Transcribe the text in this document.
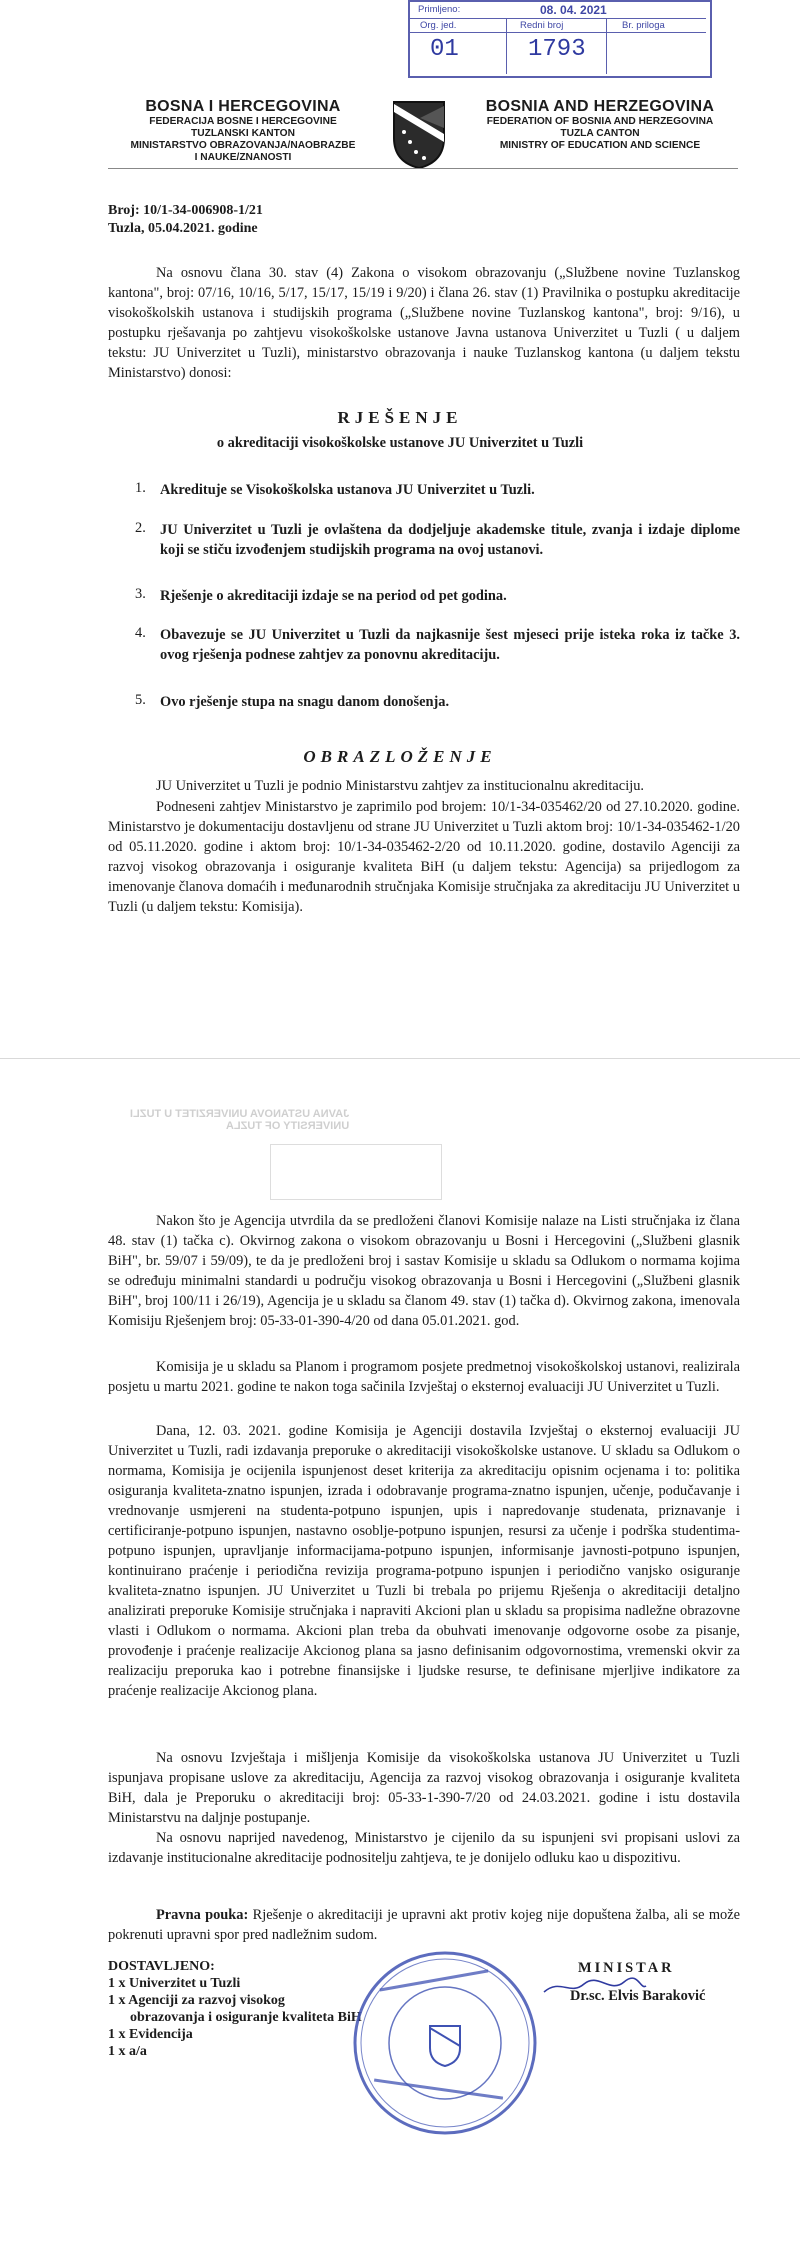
Primljeno:	08. 04. 2021
Org. jed.	Redni broj	Br. priloga
01	1793
BOSNA I HERCEGOVINA
FEDERACIJA BOSNE I HERCEGOVINE
TUZLANSKI KANTON
MINISTARSTVO OBRAZOVANJA/NAOBRAZBE
I NAUKE/ZNANOSTI
BOSNIA AND HERZEGOVINA
FEDERATION OF BOSNIA AND HERZEGOVINA
TUZLA CANTON
MINISTRY OF EDUCATION AND SCIENCE
Broj: 10/1-34-006908-1/21
Tuzla, 05.04.2021. godine
Na osnovu člana 30. stav (4) Zakona o visokom obrazovanju („Službene novine Tuzlanskog kantona", broj: 07/16, 10/16, 5/17, 15/17, 15/19 i 9/20) i člana 26. stav (1) Pravilnika o postupku akreditacije visokoškolskih ustanova i studijskih programa („Službene novine Tuzlanskog kantona", broj: 9/16), u postupku rješavanja po zahtjevu visokoškolske ustanove Javna ustanova Univerzitet u Tuzli ( u daljem tekstu: JU Univerzitet u Tuzli), ministarstvo obrazovanja i nauke Tuzlanskog kantona (u daljem tekstu Ministarstvo) donosi:
RJEŠENJE
o akreditaciji visokoškolske ustanove JU Univerzitet u Tuzli
1. Akredituje se Visokoškolska ustanova JU Univerzitet u Tuzli.
2. JU Univerzitet u Tuzli je ovlaštena da dodjeljuje akademske titule, zvanja i izdaje diplome koji se stiču izvođenjem studijskih programa na ovoj ustanovi.
3. Rješenje o akreditaciji izdaje se na period od pet godina.
4. Obavezuje se JU Univerzitet u Tuzli da najkasnije šest mjeseci prije isteka roka iz tačke 3. ovog rješenja podnese zahtjev za ponovnu akreditaciju.
5. Ovo rješenje stupa na snagu danom donošenja.
OBRAZLOŽENJE
JU Univerzitet u Tuzli je podnio Ministarstvu zahtjev za institucionalnu akreditaciju.
Podneseni zahtjev Ministarstvo je zaprimilo pod brojem: 10/1-34-035462/20 od 27.10.2020. godine. Ministarstvo je dokumentaciju dostavljenu od strane JU Univerzitet u Tuzli aktom broj: 10/1-34-035462-1/20 od 05.11.2020. godine i aktom broj: 10/1-34-035462-2/20 od 10.11.2020. godine, dostavilo Agenciji za razvoj visokog obrazovanja i osiguranje kvaliteta BiH (u daljem tekstu: Agencija) sa prijedlogom za imenovanje članova domaćih i međunarodnih stručnjaka Komisije stručnjaka za akreditaciju JU Univerzitet u Tuzli (u daljem tekstu: Komisija).
JAVNA USTANOVA UNIVERZITET U TUZLI
UNIVERSITY OF TUZLA
Nakon što je Agencija utvrdila da se predloženi članovi Komisije nalaze na Listi stručnjaka iz člana 48. stav (1) tačka c). Okvirnog zakona o visokom obrazovanju u Bosni i Hercegovini („Službeni glasnik BiH", br. 59/07 i 59/09), te da je predloženi broj i sastav Komisije u skladu sa Odlukom o normama kojima se određuju minimalni standardi u području visokog obrazovanja u Bosni i Hercegovini („Službeni glasnik BiH", broj 100/11 i 26/19), Agencija je u skladu sa članom 49. stav (1) tačka d). Okvirnog zakona, imenovala Komisiju Rješenjem broj: 05-33-01-390-4/20 od dana 05.01.2021. god.
Komisija je u skladu sa Planom i programom posjete predmetnoj visokoškolskoj ustanovi, realizirala posjetu u martu 2021. godine te nakon toga sačinila Izvještaj o eksternoj evaluaciji JU Univerzitet u Tuzli.
Dana, 12. 03. 2021. godine Komisija je Agenciji dostavila Izvještaj o eksternoj evaluaciji JU Univerzitet u Tuzli, radi izdavanja preporuke o akreditaciji visokoškolske ustanove. U skladu sa Odlukom o normama, Komisija je ocijenila ispunjenost deset kriterija za akreditaciju opisnim ocjenama i to: politika osiguranja kvaliteta-znatno ispunjen, izrada i odobravanje programa-znatno ispunjen, učenje, podučavanje i vrednovanje usmjereni na studenta-potpuno ispunjen, upis i napredovanje studenata, priznavanje i certificiranje-potpuno ispunjen, nastavno osoblje-potpuno ispunjen, resursi za učenje i podrška studentima-potpuno ispunjen, upravljanje informacijama-potpuno ispunjen, informisanje javnosti-potpuno ispunjen, kontinuirano praćenje i periodična revizija programa-potpuno ispunjen i periodično vanjsko osiguranje kvaliteta-znatno ispunjen. JU Univerzitet u Tuzli bi trebala po prijemu Rješenja o akreditaciji detaljno analizirati preporuke Komisije stručnjaka i napraviti Akcioni plan u skladu sa propisima nadležne obrazovne vlasti i Odlukom o normama. Akcioni plan treba da obuhvati imenovanje odgovorne osobe za pisanje, provođenje i praćenje realizacije Akcionog plana sa jasno definisanim odgovornostima, vremenski okvir za realizaciju preporuka kao i potrebne finansijske i ljudske resurse, te definisane mjerljive indikatore za praćenje realizacije Akcionog plana.
Na osnovu Izvještaja i mišljenja Komisije da visokoškolska ustanova JU Univerzitet u Tuzli ispunjava propisane uslove za akreditaciju, Agencija za razvoj visokog obrazovanja i osiguranje kvaliteta BiH, dala je Preporuku o akreditaciji broj: 05-33-1-390-7/20 od 24.03.2021. godine i istu dostavila Ministarstvu na daljnje postupanje.
Na osnovu naprijed navedenog, Ministarstvo je cijenilo da su ispunjeni svi propisani uslovi za izdavanje institucionalne akreditacije podnositelju zahtjeva, te je donijelo odluku kao u dispozitivu.
Pravna pouka: Rješenje o akreditaciji je upravni akt protiv kojeg nije dopuštena žalba, ali se može pokrenuti upravni spor pred nadležnim sudom.
DOSTAVLJENO:
1 x Univerzitet u Tuzli
1 x Agenciji za razvoj visokog
obrazovanja i osiguranje kvaliteta BiH
1 x Evidencija
1 x a/a
MINISTAR
Dr.sc. Elvis Baraković
